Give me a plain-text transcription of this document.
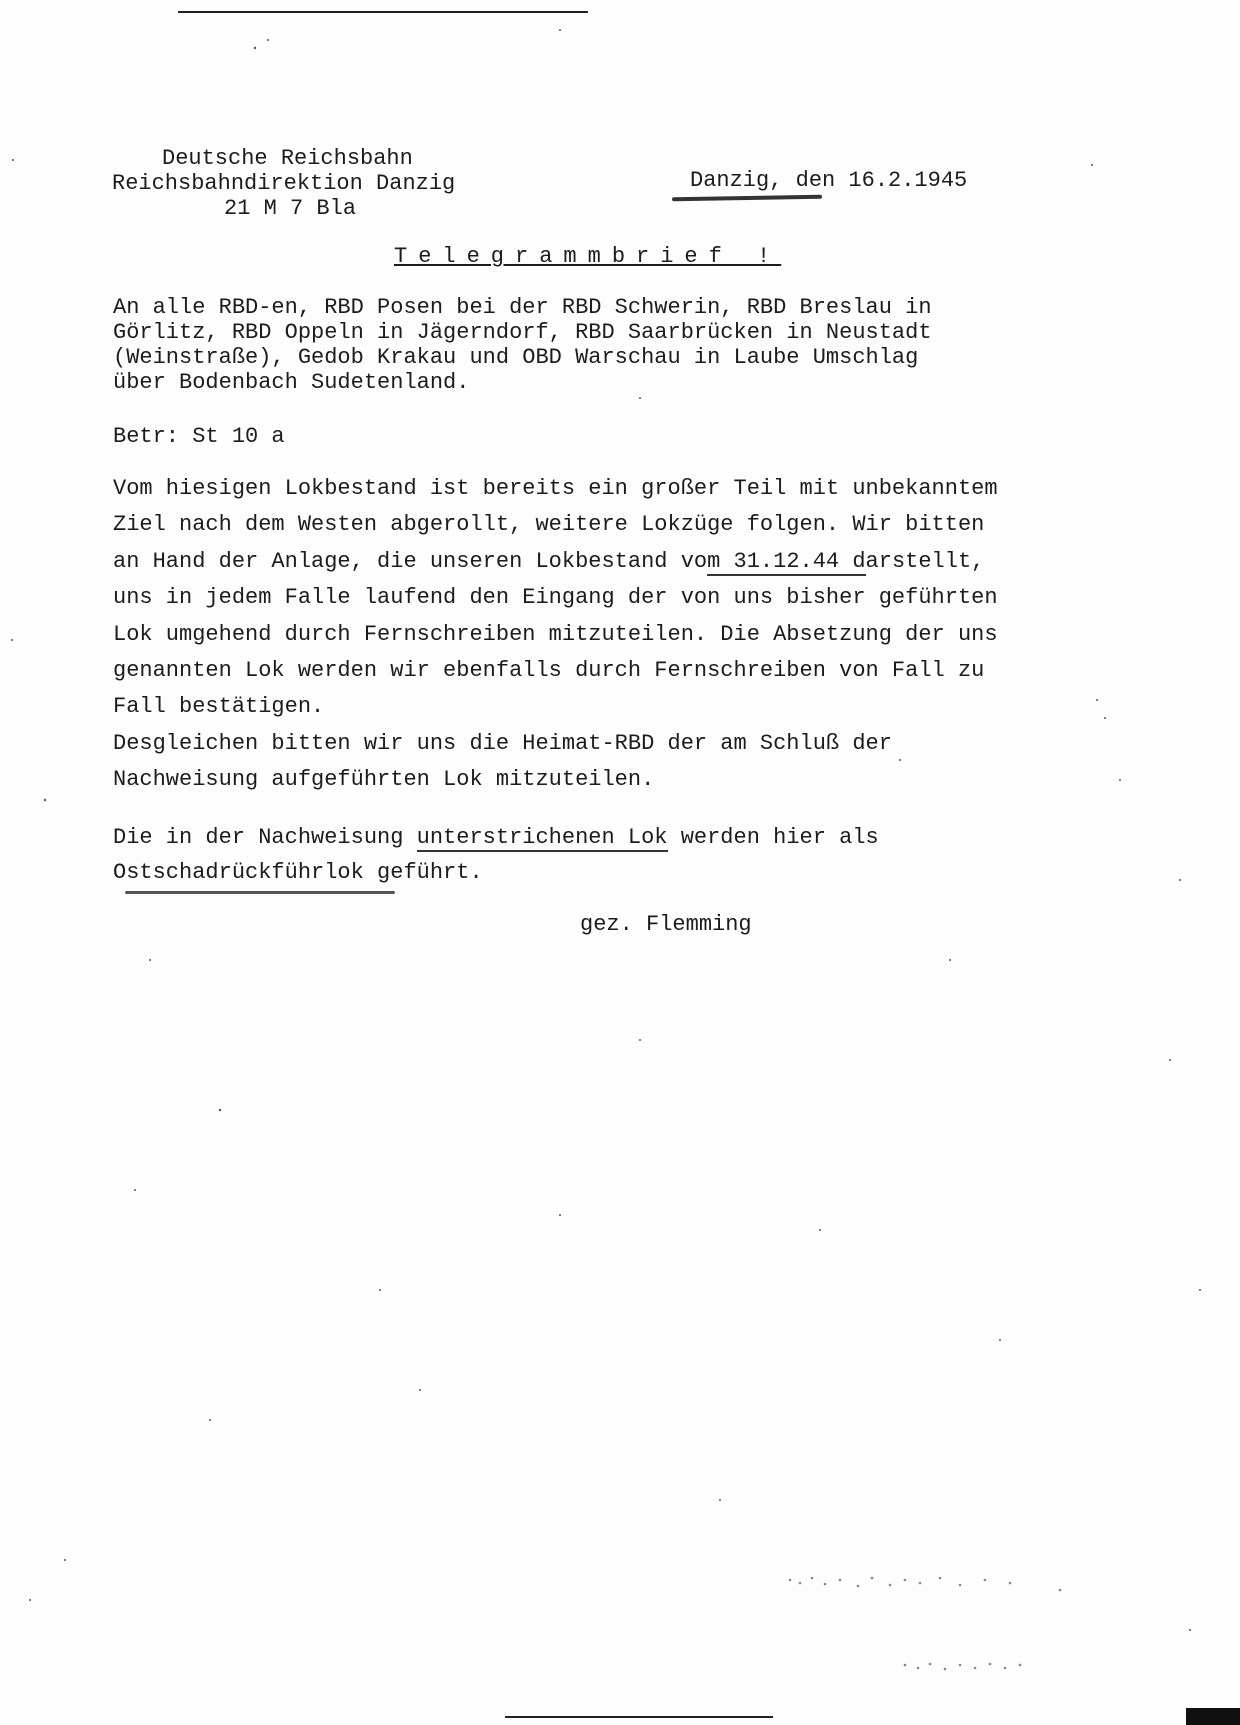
Deutsche Reichsbahn
Reichsbahndirektion Danzig
21 M 7 Bla
Danzig, den 16.2.1945
Telegrammbrief !
An alle RBD-en, RBD Posen bei der RBD Schwerin, RBD Breslau in
Görlitz, RBD Oppeln in Jägerndorf, RBD Saarbrücken in Neustadt
(Weinstraße), Gedob Krakau und OBD Warschau in Laube Umschlag
über Bodenbach Sudetenland.
Betr: St 10 a
Vom hiesigen Lokbestand ist bereits ein großer Teil mit unbekanntem
Ziel nach dem Westen abgerollt, weitere Lokzüge folgen. Wir bitten
an Hand der Anlage, die unseren Lokbestand vom 31.12.44 darstellt,
uns in jedem Falle laufend den Eingang der von uns bisher geführten
Lok umgehend durch Fernschreiben mitzuteilen. Die Absetzung der uns
genannten Lok werden wir ebenfalls durch Fernschreiben von Fall zu
Fall bestätigen.
Desgleichen bitten wir uns die Heimat-RBD der am Schluß der
Nachweisung aufgeführten Lok mitzuteilen.
Die in der Nachweisung unterstrichenen Lok werden hier als
Ostschadrückführlok geführt.
gez. Flemming
